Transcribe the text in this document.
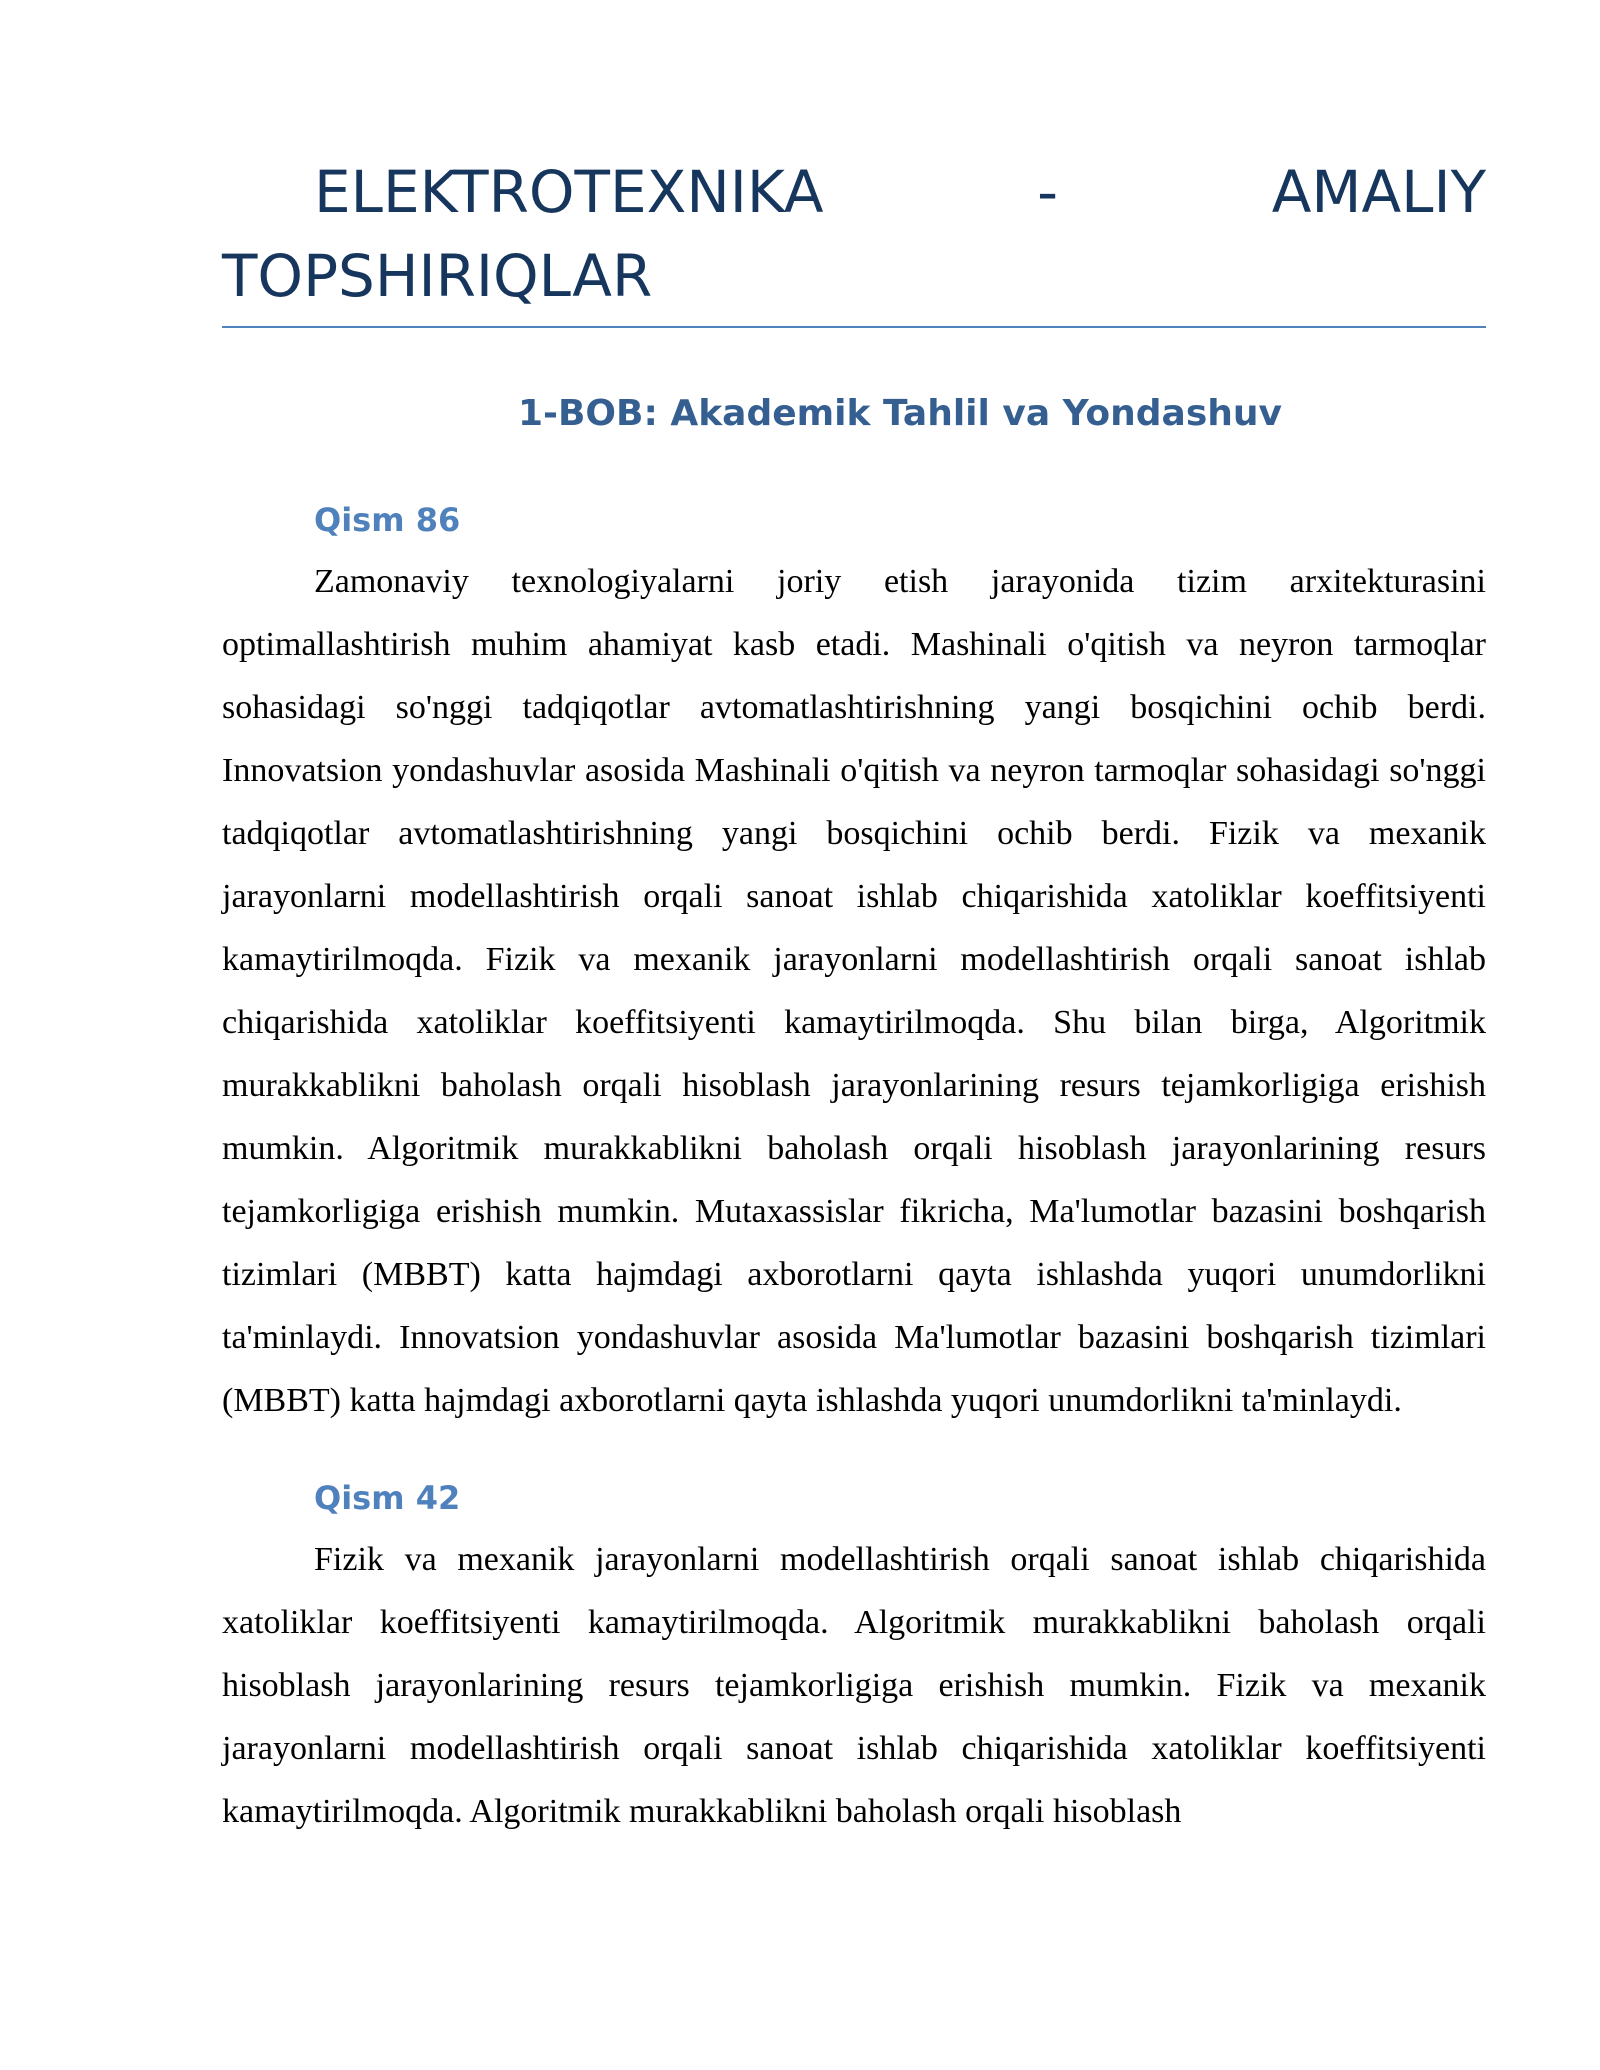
ELEKTROTEXNIKA - AMALIY TOPSHIRIQLAR
1-BOB: Akademik Tahlil va Yondashuv
Qism 86

Zamonaviy texnologiyalarni joriy etish jarayonida tizim arxitekturasini optimallashtirish muhim ahamiyat kasb etadi. Mashinali o'qitish va neyron tarmoqlar sohasidagi so'nggi tadqiqotlar avtomatlashtirishning yangi bosqichini ochib berdi. Innovatsion yondashuvlar asosida Mashinali o'qitish va neyron tarmoqlar sohasidagi so'nggi tadqiqotlar avtomatlashtirishning yangi bosqichini ochib berdi. Fizik va mexanik jarayonlarni modellashtirish orqali sanoat ishlab chiqarishida xatoliklar koeffitsiyenti kamaytirilmoqda. Fizik va mexanik jarayonlarni modellashtirish orqali sanoat ishlab chiqarishida xatoliklar koeffitsiyenti kamaytirilmoqda. Shu bilan birga, Algoritmik murakkablikni baholash orqali hisoblash jarayonlarining resurs tejamkorligiga erishish mumkin. Algoritmik murakkablikni baholash orqali hisoblash jarayonlarining resurs tejamkorligiga erishish mumkin. Mutaxassislar fikricha, Ma'lumotlar bazasini boshqarish tizimlari (MBBT) katta hajmdagi axborotlarni qayta ishlashda yuqori unumdorlikni ta'minlaydi. Innovatsion yondashuvlar asosida Ma'lumotlar bazasini boshqarish tizimlari (MBBT) katta hajmdagi axborotlarni qayta ishlashda yuqori unumdorlikni ta'minlaydi.

Qism 42

Fizik va mexanik jarayonlarni modellashtirish orqali sanoat ishlab chiqarishida xatoliklar koeffitsiyenti kamaytirilmoqda. Algoritmik murakkablikni baholash orqali hisoblash jarayonlarining resurs tejamkorligiga erishish mumkin. Fizik va mexanik jarayonlarni modellashtirish orqali sanoat ishlab chiqarishida xatoliklar koeffitsiyenti kamaytirilmoqda. Algoritmik murakkablikni baholash orqali hisoblash
